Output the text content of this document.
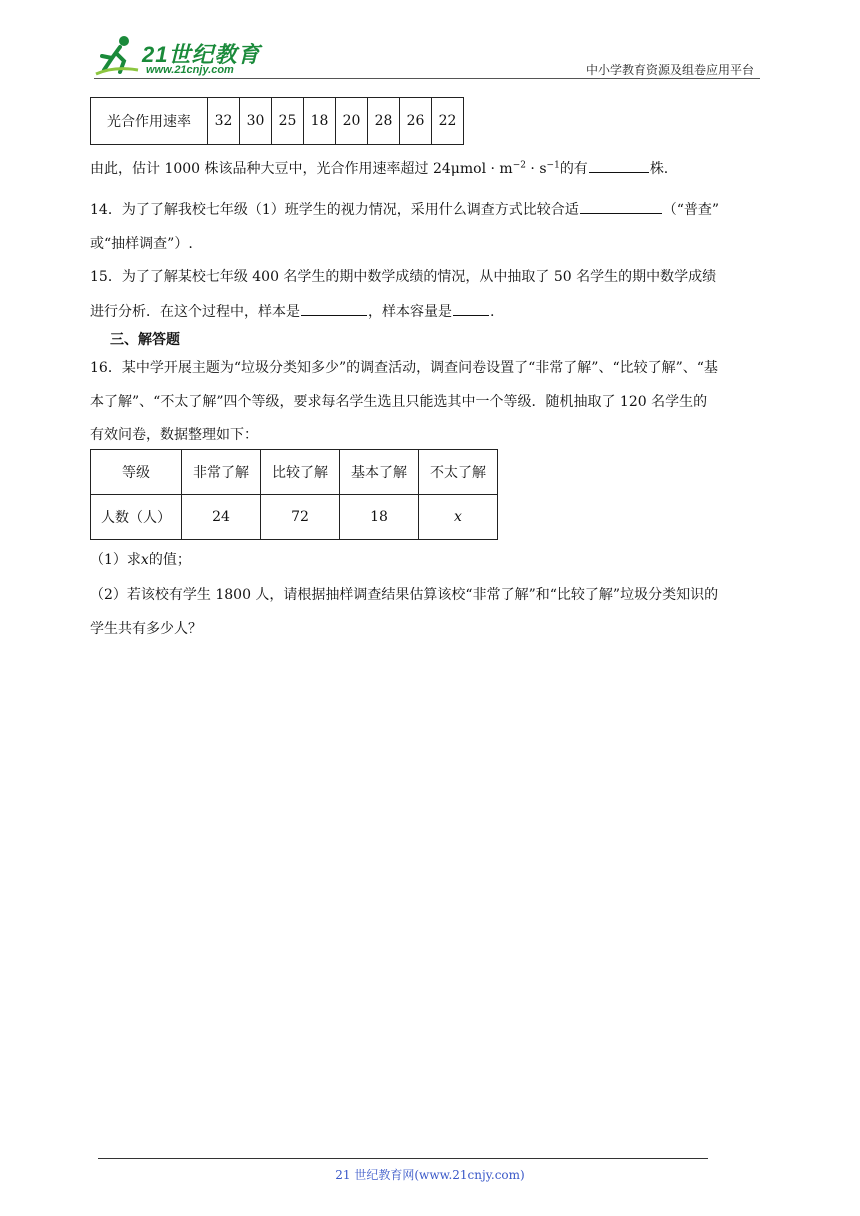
21世纪教育
www.21cnjy.com	中小学教育资源及组卷应用平台
光合作用速率	32	30	25	18	20	28	26	22
由此，估计 1000 株该品种大豆中，光合作用速率超过 $24\mu mol \cdot m^{-2} \cdot s^{-1}$的有	株.
14．为了了解我校七年级（1）班学生的视力情况，采用什么调查方式比较合适	（“普查”
或“抽样调查”）.
15．为了了解某校七年级 400 名学生的期中数学成绩的情况，从中抽取了 50 名学生的期中数学成绩
进行分析．在这个过程中，样本是	，样本容量是	.
三、解答题
16．某中学开展主题为“垃圾分类知多少”的调查活动，调查问卷设置了“非常了解”、“比较了解”、“基
本了解”、“不太了解”四个等级，要求每名学生选且只能选其中一个等级．随机抽取了 120 名学生的
有效问卷，数据整理如下：
等级	非常了解	比较了解	基本了解	不太了解
人数（人）	24	72	18	x
（1）求x的值；
（2）若该校有学生 1800 人，请根据抽样调查结果估算该校“非常了解”和“比较了解”垃圾分类知识的
学生共有多少人？
21 世纪教育网(www.21cnjy.com)
